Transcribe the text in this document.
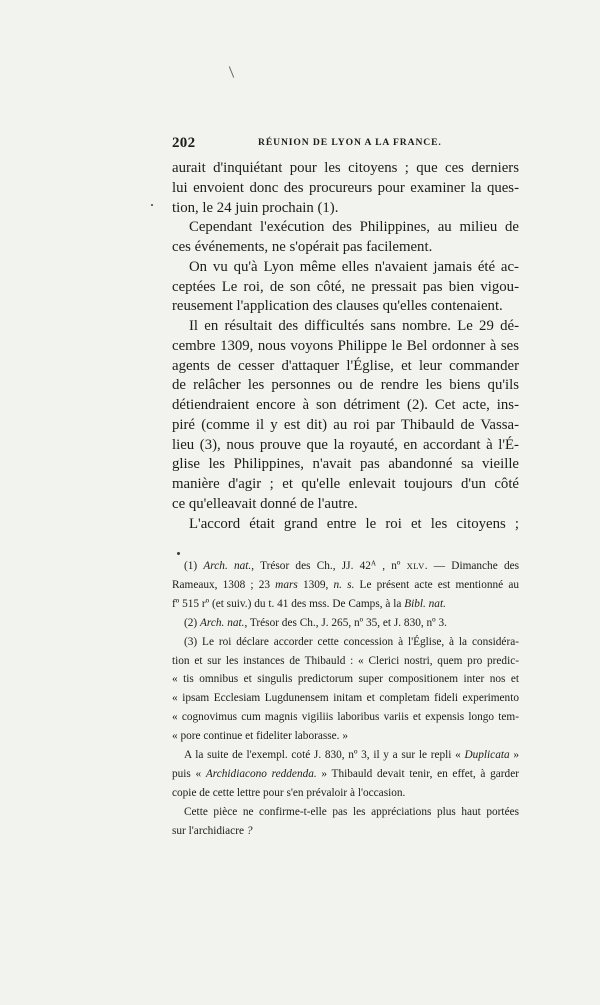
202	RÉUNION DE LYON A LA FRANCE.
aurait d'inquiétant pour les citoyens ; que ces derniers
lui envoient donc des procureurs pour examiner la ques-
tion, le 24 juin prochain (1).
Cependant l'exécution des Philippines, au milieu de
ces événements, ne s'opérait pas facilement.
On vu qu'à Lyon même elles n'avaient jamais été ac-
ceptées Le roi, de son côté, ne pressait pas bien vigou-
reusement l'application des clauses qu'elles contenaient.
Il en résultait des difficultés sans nombre. Le 29 dé-
cembre 1309, nous voyons Philippe le Bel ordonner à ses
agents de cesser d'attaquer l'Église, et leur commander
de relâcher les personnes ou de rendre les biens qu'ils
détiendraient encore à son détriment (2). Cet acte, ins-
piré (comme il y est dit) au roi par Thibauld de Vassa-
lieu (3), nous prouve que la royauté, en accordant à l'É-
glise les Philippines, n'avait pas abandonné sa vieille
manière d'agir ; et qu'elle enlevait toujours d'un côté
ce qu'elleavait donné de l'autre.
L'accord était grand entre le roi et les citoyens ;
(1) Arch. nat., Trésor des Ch., JJ. $42^A$ , nº XLV. — Dimanche des
Rameaux, 1308 ; 23 mars 1309, n. s. Le présent acte est mentionné au
fº 515 rº (et suiv.) du t. 41 des mss. De Camps, à la Bibl. nat.
(2) Arch. nat., Trésor des Ch., J. 265, nº 35, et J. 830, nº 3.
(3) Le roi déclare accorder cette concession à l'Église, à la considéra-
tion et sur les instances de Thibauld : « Clerici nostri, quem pro predic-
« tis omnibus et singulis predictorum super compositionem inter nos et
« ipsam Ecclesiam Lugdunensem initam et completam fideli experimento
« cognovimus cum magnis vigiliis laboribus variis et expensis longo tem-
« pore continue et fideliter laborasse. »
A la suite de l'exempl. coté J. 830, nº 3, il y a sur le repli « Duplicata »
puis « Archidiacono reddenda. » Thibauld devait tenir, en effet, à garder
copie de cette lettre pour s'en prévaloir à l'occasion.
Cette pièce ne confirme-t-elle pas les appréciations plus haut portées
sur l'archidiacre ?
